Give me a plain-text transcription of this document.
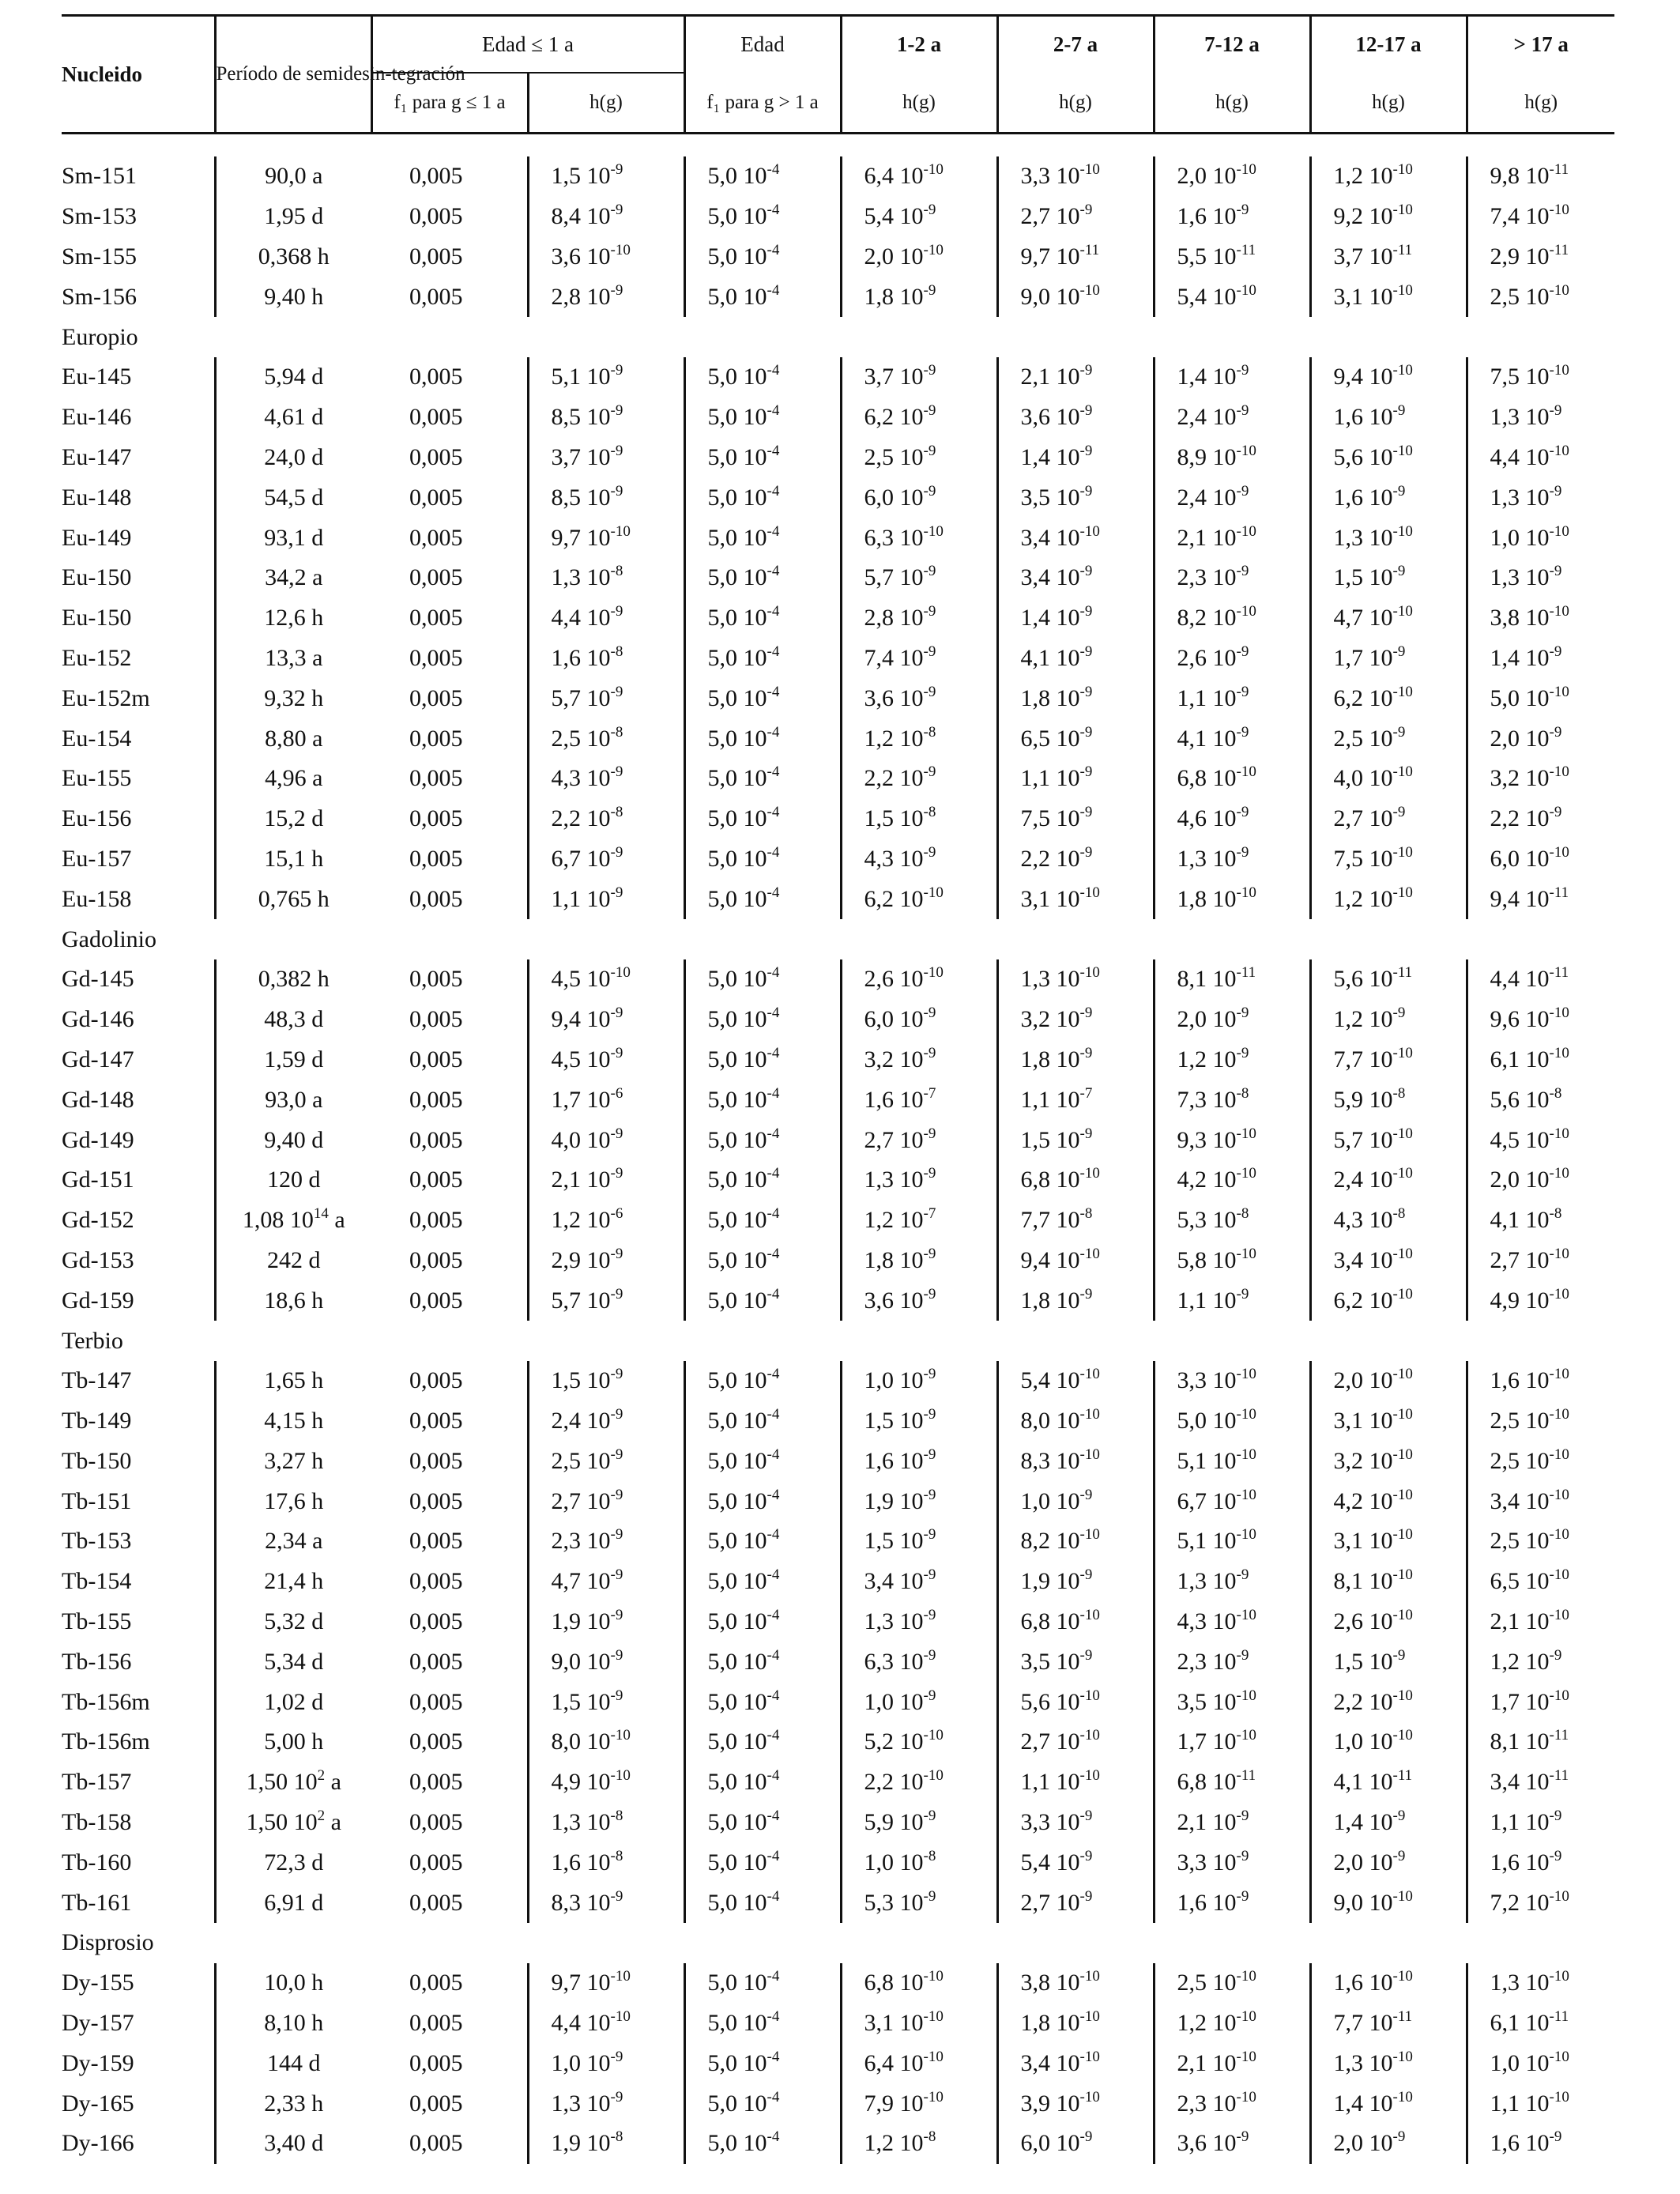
Nucleido	Período de semidesin-tegración	Edad ≤ 1 a		Edad	1-2 a	2-7 a	7-12 a	12-17 a	> 17 a
		f₁ para g ≤ 1 a	h(g)	f₁ para g > 1 a	h(g)	h(g)	h(g)	h(g)	h(g)

Sm-151	90,0 a	0,005	1,5 $10^{-9}$	5,0 $10^{-4}$	6,4 $10^{-10}$	3,3 $10^{-10}$	2,0 $10^{-10}$	1,2 $10^{-10}$	9,8 $10^{-11}$
Sm-153	1,95 d	0,005	8,4 $10^{-9}$	5,0 $10^{-4}$	5,4 $10^{-9}$	2,7 $10^{-9}$	1,6 $10^{-9}$	9,2 $10^{-10}$	7,4 $10^{-10}$
Sm-155	0,368 h	0,005	3,6 $10^{-10}$	5,0 $10^{-4}$	2,0 $10^{-10}$	9,7 $10^{-11}$	5,5 $10^{-11}$	3,7 $10^{-11}$	2,9 $10^{-11}$
Sm-156	9,40 h	0,005	2,8 $10^{-9}$	5,0 $10^{-4}$	1,8 $10^{-9}$	9,0 $10^{-10}$	5,4 $10^{-10}$	3,1 $10^{-10}$	2,5 $10^{-10}$
Europio									
Eu-145	5,94 d	0,005	5,1 $10^{-9}$	5,0 $10^{-4}$	3,7 $10^{-9}$	2,1 $10^{-9}$	1,4 $10^{-9}$	9,4 $10^{-10}$	7,5 $10^{-10}$
Eu-146	4,61 d	0,005	8,5 $10^{-9}$	5,0 $10^{-4}$	6,2 $10^{-9}$	3,6 $10^{-9}$	2,4 $10^{-9}$	1,6 $10^{-9}$	1,3 $10^{-9}$
Eu-147	24,0 d	0,005	3,7 $10^{-9}$	5,0 $10^{-4}$	2,5 $10^{-9}$	1,4 $10^{-9}$	8,9 $10^{-10}$	5,6 $10^{-10}$	4,4 $10^{-10}$
Eu-148	54,5 d	0,005	8,5 $10^{-9}$	5,0 $10^{-4}$	6,0 $10^{-9}$	3,5 $10^{-9}$	2,4 $10^{-9}$	1,6 $10^{-9}$	1,3 $10^{-9}$
Eu-149	93,1 d	0,005	9,7 $10^{-10}$	5,0 $10^{-4}$	6,3 $10^{-10}$	3,4 $10^{-10}$	2,1 $10^{-10}$	1,3 $10^{-10}$	1,0 $10^{-10}$
Eu-150	34,2 a	0,005	1,3 $10^{-8}$	5,0 $10^{-4}$	5,7 $10^{-9}$	3,4 $10^{-9}$	2,3 $10^{-9}$	1,5 $10^{-9}$	1,3 $10^{-9}$
Eu-150	12,6 h	0,005	4,4 $10^{-9}$	5,0 $10^{-4}$	2,8 $10^{-9}$	1,4 $10^{-9}$	8,2 $10^{-10}$	4,7 $10^{-10}$	3,8 $10^{-10}$
Eu-152	13,3 a	0,005	1,6 $10^{-8}$	5,0 $10^{-4}$	7,4 $10^{-9}$	4,1 $10^{-9}$	2,6 $10^{-9}$	1,7 $10^{-9}$	1,4 $10^{-9}$
Eu-152m	9,32 h	0,005	5,7 $10^{-9}$	5,0 $10^{-4}$	3,6 $10^{-9}$	1,8 $10^{-9}$	1,1 $10^{-9}$	6,2 $10^{-10}$	5,0 $10^{-10}$
Eu-154	8,80 a	0,005	2,5 $10^{-8}$	5,0 $10^{-4}$	1,2 $10^{-8}$	6,5 $10^{-9}$	4,1 $10^{-9}$	2,5 $10^{-9}$	2,0 $10^{-9}$
Eu-155	4,96 a	0,005	4,3 $10^{-9}$	5,0 $10^{-4}$	2,2 $10^{-9}$	1,1 $10^{-9}$	6,8 $10^{-10}$	4,0 $10^{-10}$	3,2 $10^{-10}$
Eu-156	15,2 d	0,005	2,2 $10^{-8}$	5,0 $10^{-4}$	1,5 $10^{-8}$	7,5 $10^{-9}$	4,6 $10^{-9}$	2,7 $10^{-9}$	2,2 $10^{-9}$
Eu-157	15,1 h	0,005	6,7 $10^{-9}$	5,0 $10^{-4}$	4,3 $10^{-9}$	2,2 $10^{-9}$	1,3 $10^{-9}$	7,5 $10^{-10}$	6,0 $10^{-10}$
Eu-158	0,765 h	0,005	1,1 $10^{-9}$	5,0 $10^{-4}$	6,2 $10^{-10}$	3,1 $10^{-10}$	1,8 $10^{-10}$	1,2 $10^{-10}$	9,4 $10^{-11}$
Gadolinio									
Gd-145	0,382 h	0,005	4,5 $10^{-10}$	5,0 $10^{-4}$	2,6 $10^{-10}$	1,3 $10^{-10}$	8,1 $10^{-11}$	5,6 $10^{-11}$	4,4 $10^{-11}$
Gd-146	48,3 d	0,005	9,4 $10^{-9}$	5,0 $10^{-4}$	6,0 $10^{-9}$	3,2 $10^{-9}$	2,0 $10^{-9}$	1,2 $10^{-9}$	9,6 $10^{-10}$
Gd-147	1,59 d	0,005	4,5 $10^{-9}$	5,0 $10^{-4}$	3,2 $10^{-9}$	1,8 $10^{-9}$	1,2 $10^{-9}$	7,7 $10^{-10}$	6,1 $10^{-10}$
Gd-148	93,0 a	0,005	1,7 $10^{-6}$	5,0 $10^{-4}$	1,6 $10^{-7}$	1,1 $10^{-7}$	7,3 $10^{-8}$	5,9 $10^{-8}$	5,6 $10^{-8}$
Gd-149	9,40 d	0,005	4,0 $10^{-9}$	5,0 $10^{-4}$	2,7 $10^{-9}$	1,5 $10^{-9}$	9,3 $10^{-10}$	5,7 $10^{-10}$	4,5 $10^{-10}$
Gd-151	120 d	0,005	2,1 $10^{-9}$	5,0 $10^{-4}$	1,3 $10^{-9}$	6,8 $10^{-10}$	4,2 $10^{-10}$	2,4 $10^{-10}$	2,0 $10^{-10}$
Gd-152	1,08 $10^{14}$ a	0,005	1,2 $10^{-6}$	5,0 $10^{-4}$	1,2 $10^{-7}$	7,7 $10^{-8}$	5,3 $10^{-8}$	4,3 $10^{-8}$	4,1 $10^{-8}$
Gd-153	242 d	0,005	2,9 $10^{-9}$	5,0 $10^{-4}$	1,8 $10^{-9}$	9,4 $10^{-10}$	5,8 $10^{-10}$	3,4 $10^{-10}$	2,7 $10^{-10}$
Gd-159	18,6 h	0,005	5,7 $10^{-9}$	5,0 $10^{-4}$	3,6 $10^{-9}$	1,8 $10^{-9}$	1,1 $10^{-9}$	6,2 $10^{-10}$	4,9 $10^{-10}$
Terbio									
Tb-147	1,65 h	0,005	1,5 $10^{-9}$	5,0 $10^{-4}$	1,0 $10^{-9}$	5,4 $10^{-10}$	3,3 $10^{-10}$	2,0 $10^{-10}$	1,6 $10^{-10}$
Tb-149	4,15 h	0,005	2,4 $10^{-9}$	5,0 $10^{-4}$	1,5 $10^{-9}$	8,0 $10^{-10}$	5,0 $10^{-10}$	3,1 $10^{-10}$	2,5 $10^{-10}$
Tb-150	3,27 h	0,005	2,5 $10^{-9}$	5,0 $10^{-4}$	1,6 $10^{-9}$	8,3 $10^{-10}$	5,1 $10^{-10}$	3,2 $10^{-10}$	2,5 $10^{-10}$
Tb-151	17,6 h	0,005	2,7 $10^{-9}$	5,0 $10^{-4}$	1,9 $10^{-9}$	1,0 $10^{-9}$	6,7 $10^{-10}$	4,2 $10^{-10}$	3,4 $10^{-10}$
Tb-153	2,34 a	0,005	2,3 $10^{-9}$	5,0 $10^{-4}$	1,5 $10^{-9}$	8,2 $10^{-10}$	5,1 $10^{-10}$	3,1 $10^{-10}$	2,5 $10^{-10}$
Tb-154	21,4 h	0,005	4,7 $10^{-9}$	5,0 $10^{-4}$	3,4 $10^{-9}$	1,9 $10^{-9}$	1,3 $10^{-9}$	8,1 $10^{-10}$	6,5 $10^{-10}$
Tb-155	5,32 d	0,005	1,9 $10^{-9}$	5,0 $10^{-4}$	1,3 $10^{-9}$	6,8 $10^{-10}$	4,3 $10^{-10}$	2,6 $10^{-10}$	2,1 $10^{-10}$
Tb-156	5,34 d	0,005	9,0 $10^{-9}$	5,0 $10^{-4}$	6,3 $10^{-9}$	3,5 $10^{-9}$	2,3 $10^{-9}$	1,5 $10^{-9}$	1,2 $10^{-9}$
Tb-156m	1,02 d	0,005	1,5 $10^{-9}$	5,0 $10^{-4}$	1,0 $10^{-9}$	5,6 $10^{-10}$	3,5 $10^{-10}$	2,2 $10^{-10}$	1,7 $10^{-10}$
Tb-156m	5,00 h	0,005	8,0 $10^{-10}$	5,0 $10^{-4}$	5,2 $10^{-10}$	2,7 $10^{-10}$	1,7 $10^{-10}$	1,0 $10^{-10}$	8,1 $10^{-11}$
Tb-157	1,50 $10^2$ a	0,005	4,9 $10^{-10}$	5,0 $10^{-4}$	2,2 $10^{-10}$	1,1 $10^{-10}$	6,8 $10^{-11}$	4,1 $10^{-11}$	3,4 $10^{-11}$
Tb-158	1,50 $10^2$ a	0,005	1,3 $10^{-8}$	5,0 $10^{-4}$	5,9 $10^{-9}$	3,3 $10^{-9}$	2,1 $10^{-9}$	1,4 $10^{-9}$	1,1 $10^{-9}$
Tb-160	72,3 d	0,005	1,6 $10^{-8}$	5,0 $10^{-4}$	1,0 $10^{-8}$	5,4 $10^{-9}$	3,3 $10^{-9}$	2,0 $10^{-9}$	1,6 $10^{-9}$
Tb-161	6,91 d	0,005	8,3 $10^{-9}$	5,0 $10^{-4}$	5,3 $10^{-9}$	2,7 $10^{-9}$	1,6 $10^{-9}$	9,0 $10^{-10}$	7,2 $10^{-10}$
Disprosio									
Dy-155	10,0 h	0,005	9,7 $10^{-10}$	5,0 $10^{-4}$	6,8 $10^{-10}$	3,8 $10^{-10}$	2,5 $10^{-10}$	1,6 $10^{-10}$	1,3 $10^{-10}$
Dy-157	8,10 h	0,005	4,4 $10^{-10}$	5,0 $10^{-4}$	3,1 $10^{-10}$	1,8 $10^{-10}$	1,2 $10^{-10}$	7,7 $10^{-11}$	6,1 $10^{-11}$
Dy-159	144 d	0,005	1,0 $10^{-9}$	5,0 $10^{-4}$	6,4 $10^{-10}$	3,4 $10^{-10}$	2,1 $10^{-10}$	1,3 $10^{-10}$	1,0 $10^{-10}$
Dy-165	2,33 h	0,005	1,3 $10^{-9}$	5,0 $10^{-4}$	7,9 $10^{-10}$	3,9 $10^{-10}$	2,3 $10^{-10}$	1,4 $10^{-10}$	1,1 $10^{-10}$
Dy-166	3,40 d	0,005	1,9 $10^{-8}$	5,0 $10^{-4}$	1,2 $10^{-8}$	6,0 $10^{-9}$	3,6 $10^{-9}$	2,0 $10^{-9}$	1,6 $10^{-9}$
